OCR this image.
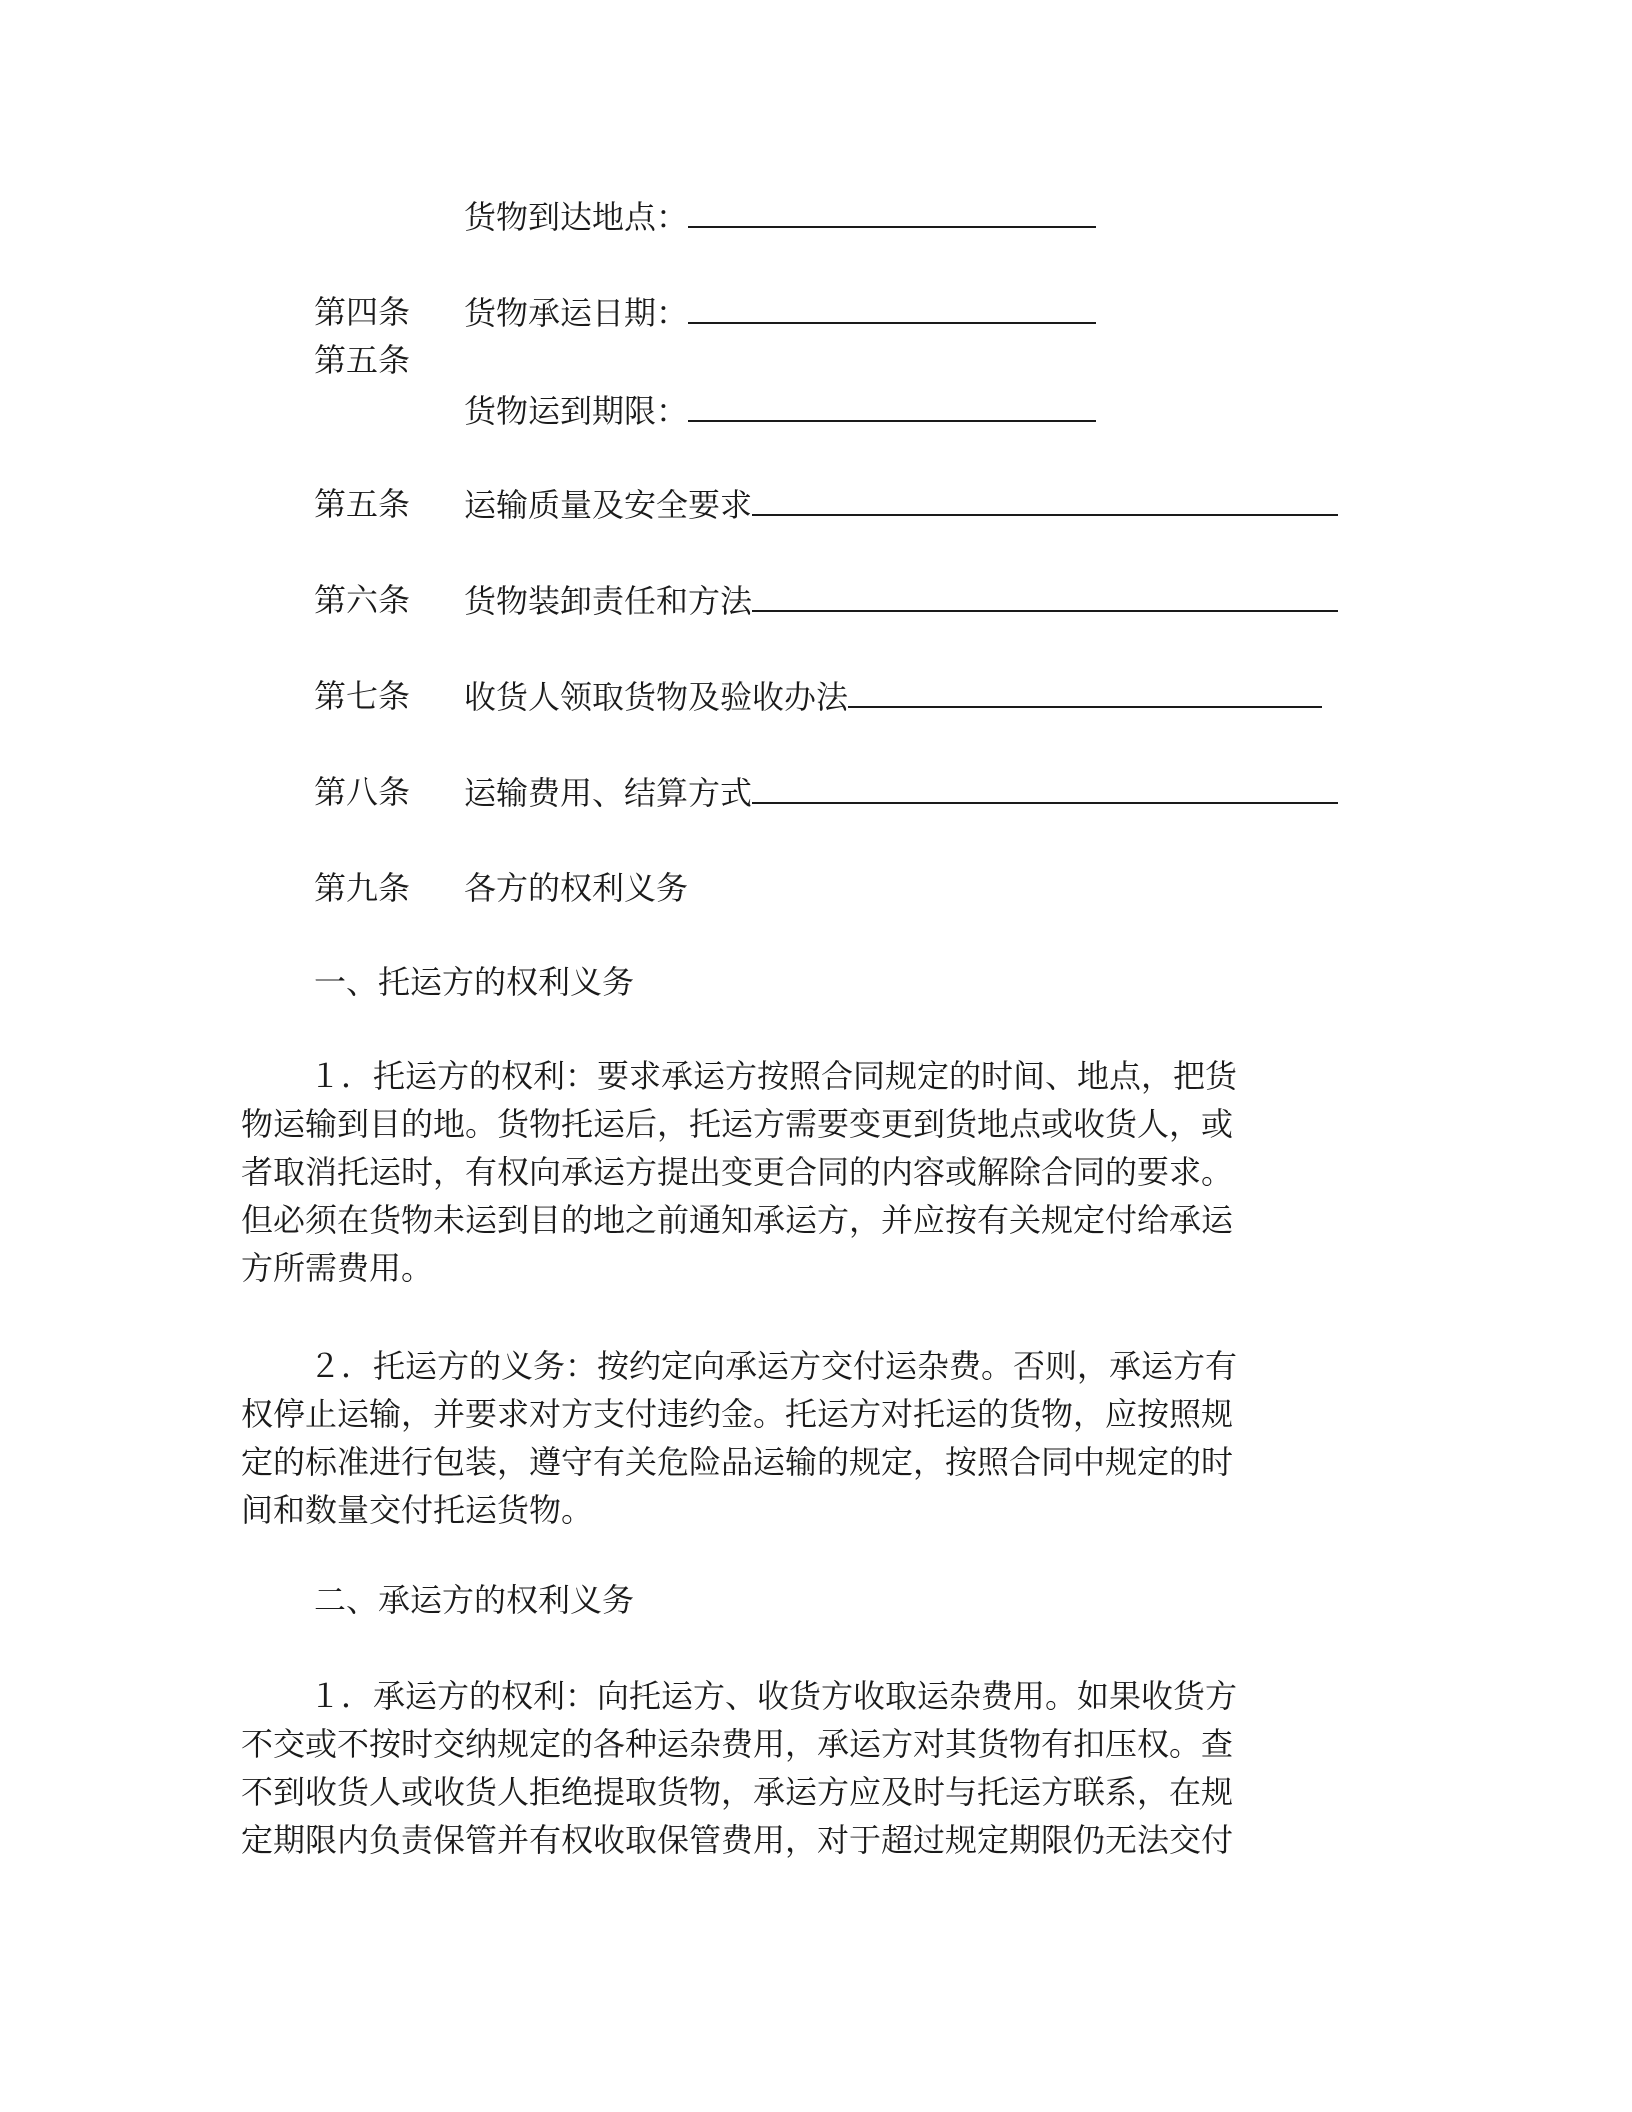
货物到达地点：
第四条 货物承运日期：
第五条
货物运到期限：
第五条 运输质量及安全要求
第六条 货物装卸责任和方法
第七条 收货人领取货物及验收办法
第八条 运输费用、结算方式
第九条 各方的权利义务
一、托运方的权利义务
１．托运方的权利：要求承运方按照合同规定的时间、地点，把货
物运输到目的地。货物托运后，托运方需要变更到货地点或收货人，或
者取消托运时，有权向承运方提出变更合同的内容或解除合同的要求。
但必须在货物未运到目的地之前通知承运方，并应按有关规定付给承运
方所需费用。
２．托运方的义务：按约定向承运方交付运杂费。否则，承运方有
权停止运输，并要求对方支付违约金。托运方对托运的货物，应按照规
定的标准进行包装，遵守有关危险品运输的规定，按照合同中规定的时
间和数量交付托运货物。
二、承运方的权利义务
１．承运方的权利：向托运方、收货方收取运杂费用。如果收货方
不交或不按时交纳规定的各种运杂费用，承运方对其货物有扣压权。查
不到收货人或收货人拒绝提取货物，承运方应及时与托运方联系，在规
定期限内负责保管并有权收取保管费用，对于超过规定期限仍无法交付
